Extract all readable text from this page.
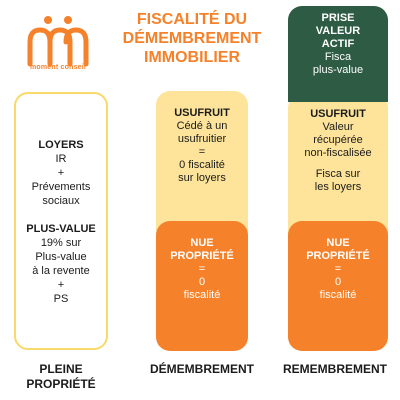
moment conseil
FISCALITÉ DU
DÉMEMBREMENT
IMMOBILIER
LOYERS
IR
+
Prévements
sociaux
PLUS-VALUE
19% sur
Plus-value
à la revente
+
PS
USUFRUIT
Cédé à un
usufruitier
=
0 fiscalité
sur loyers
NUE
PROPRIÉTÉ
=
0
fiscalité
USUFRUIT
Valeur
récupérée
non-fiscalisée
Fisca sur
les loyers
PRISE
VALEUR
ACTIF
Fisca
plus-value
NUE
PROPRIÉTÉ
=
0
fiscalité
PLEINE
PROPRIÉTÉ
DÉMEMBREMENT	REMEMBREMENT
